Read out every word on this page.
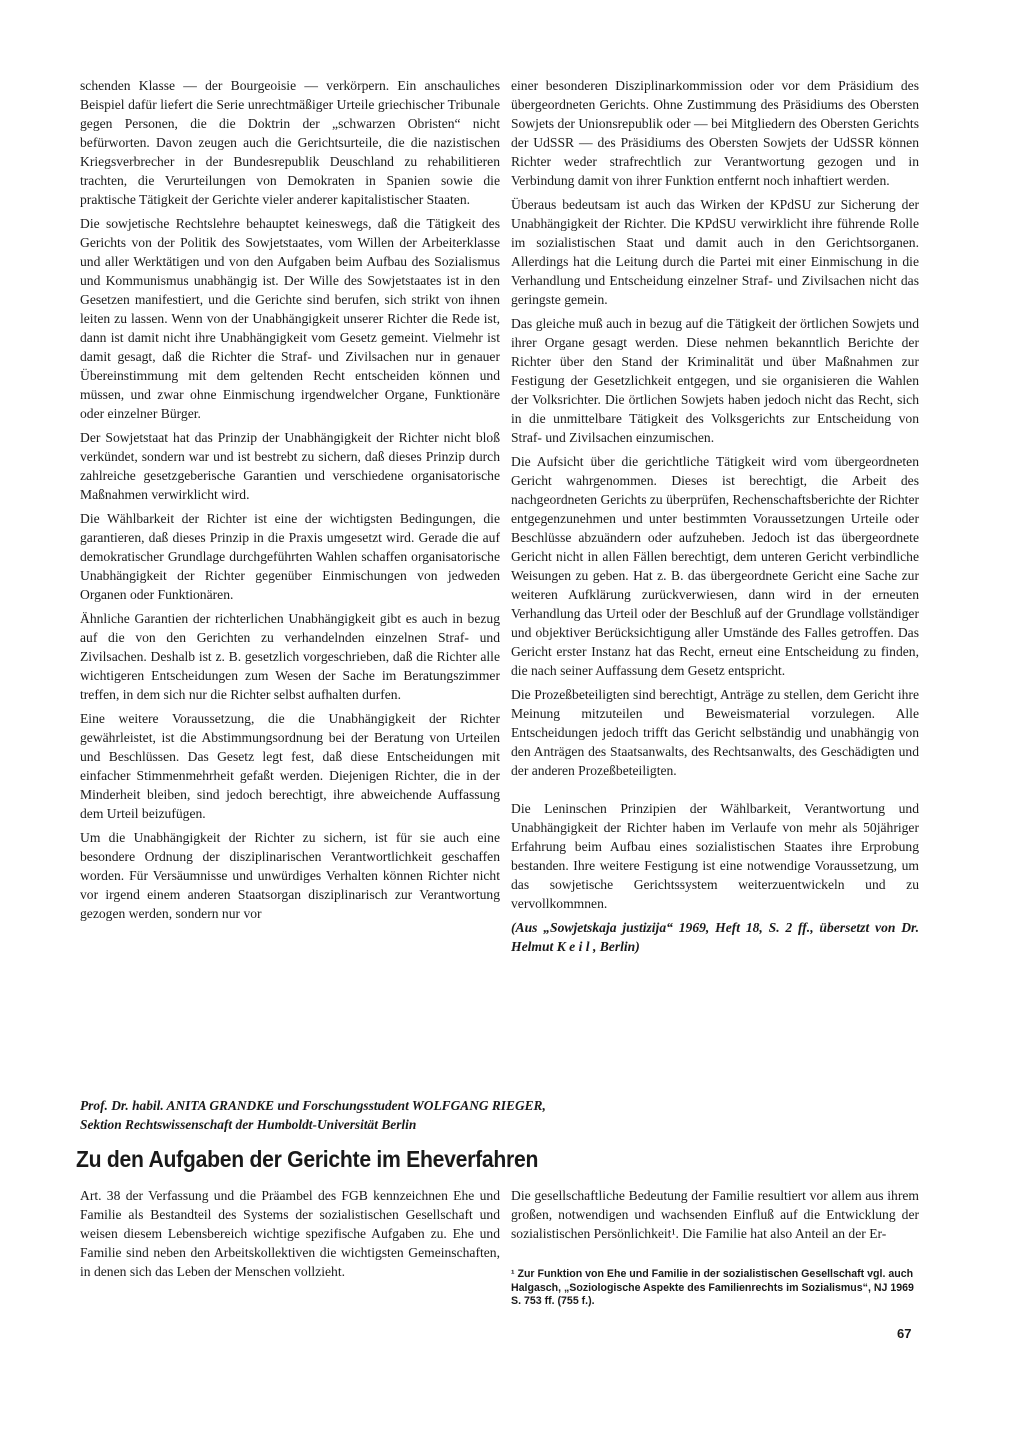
schenden Klasse — der Bourgeoisie — verkörpern. Ein anschauliches Beispiel dafür liefert die Serie unrechtmäßiger Urteile griechischer Tribunale gegen Personen, die die Doktrin der „schwarzen Obristen“ nicht befürworten. Davon zeugen auch die Gerichtsurteile, die die nazistischen Kriegsverbrecher in der Bundesrepublik Deuschland zu rehabilitieren trachten, die Verurteilungen von Demokraten in Spanien sowie die praktische Tätigkeit der Gerichte vieler anderer kapitalistischer Staaten.

Die sowjetische Rechtslehre behauptet keineswegs, daß die Tätigkeit des Gerichts von der Politik des Sowjetstaates, vom Willen der Arbeiterklasse und aller Werktätigen und von den Aufgaben beim Aufbau des Sozialismus und Kommunismus unabhängig ist. Der Wille des Sowjetstaates ist in den Gesetzen manifestiert, und die Gerichte sind berufen, sich strikt von ihnen leiten zu lassen. Wenn von der Unabhängigkeit unserer Richter die Rede ist, dann ist damit nicht ihre Unabhängigkeit vom Gesetz gemeint. Vielmehr ist damit gesagt, daß die Richter die Straf- und Zivilsachen nur in genauer Übereinstimmung mit dem geltenden Recht entscheiden können und müssen, und zwar ohne Einmischung irgendwelcher Organe, Funktionäre oder einzelner Bürger.

Der Sowjetstaat hat das Prinzip der Unabhängigkeit der Richter nicht bloß verkündet, sondern war und ist bestrebt zu sichern, daß dieses Prinzip durch zahlreiche gesetzgeberische Garantien und verschiedene organisatorische Maßnahmen verwirklicht wird.

Die Wählbarkeit der Richter ist eine der wichtigsten Bedingungen, die garantieren, daß dieses Prinzip in die Praxis umgesetzt wird. Gerade die auf demokratischer Grundlage durchgeführten Wahlen schaffen organisatorische Unabhängigkeit der Richter gegenüber Einmischungen von jedweden Organen oder Funktionären.

Ähnliche Garantien der richterlichen Unabhängigkeit gibt es auch in bezug auf die von den Gerichten zu verhandelnden einzelnen Straf- und Zivilsachen. Deshalb ist z. B. gesetzlich vorgeschrieben, daß die Richter alle wichtigeren Entscheidungen zum Wesen der Sache im Beratungszimmer treffen, in dem sich nur die Richter selbst aufhalten durfen.

Eine weitere Voraussetzung, die die Unabhängigkeit der Richter gewährleistet, ist die Abstimmungsordnung bei der Beratung von Urteilen und Beschlüssen. Das Gesetz legt fest, daß diese Entscheidungen mit einfacher Stimmenmehrheit gefaßt werden. Diejenigen Richter, die in der Minderheit bleiben, sind jedoch berechtigt, ihre abweichende Auffassung dem Urteil beizufügen.

Um die Unabhängigkeit der Richter zu sichern, ist für sie auch eine besondere Ordnung der disziplinarischen Verantwortlichkeit geschaffen worden. Für Versäumnisse und unwürdiges Verhalten können Richter nicht vor irgend einem anderen Staatsorgan disziplinarisch zur Verantwortung gezogen werden, sondern nur vor

einer besonderen Disziplinarkommission oder vor dem Präsidium des übergeordneten Gerichts. Ohne Zustimmung des Präsidiums des Obersten Sowjets der Unionsrepublik oder — bei Mitgliedern des Obersten Gerichts der UdSSR — des Präsidiums des Obersten Sowjets der UdSSR können Richter weder strafrechtlich zur Verantwortung gezogen und in Verbindung damit von ihrer Funktion entfernt noch inhaftiert werden.

Überaus bedeutsam ist auch das Wirken der KPdSU zur Sicherung der Unabhängigkeit der Richter. Die KPdSU verwirklicht ihre führende Rolle im sozialistischen Staat und damit auch in den Gerichtsorganen. Allerdings hat die Leitung durch die Partei mit einer Einmischung in die Verhandlung und Entscheidung einzelner Straf- und Zivilsachen nicht das geringste gemein.

Das gleiche muß auch in bezug auf die Tätigkeit der örtlichen Sowjets und ihrer Organe gesagt werden. Diese nehmen bekanntlich Berichte der Richter über den Stand der Kriminalität und über Maßnahmen zur Festigung der Gesetzlichkeit entgegen, und sie organisieren die Wahlen der Volksrichter. Die örtlichen Sowjets haben jedoch nicht das Recht, sich in die unmittelbare Tätigkeit des Volksgerichts zur Entscheidung von Straf- und Zivilsachen einzumischen.

Die Aufsicht über die gerichtliche Tätigkeit wird vom übergeordneten Gericht wahrgenommen. Dieses ist berechtigt, die Arbeit des nachgeordneten Gerichts zu überprüfen, Rechenschaftsberichte der Richter entgegenzunehmen und unter bestimmten Voraussetzungen Urteile oder Beschlüsse abzuändern oder aufzuheben. Jedoch ist das übergeordnete Gericht nicht in allen Fällen berechtigt, dem unteren Gericht verbindliche Weisungen zu geben. Hat z. B. das übergeordnete Gericht eine Sache zur weiteren Aufklärung zurückverwiesen, dann wird in der erneuten Verhandlung das Urteil oder der Beschluß auf der Grundlage vollständiger und objektiver Berücksichtigung aller Umstände des Falles getroffen. Das Gericht erster Instanz hat das Recht, erneut eine Entscheidung zu finden, die nach seiner Auffassung dem Gesetz entspricht.

Die Prozeßbeteiligten sind berechtigt, Anträge zu stellen, dem Gericht ihre Meinung mitzuteilen und Beweismaterial vorzulegen. Alle Entscheidungen jedoch trifft das Gericht selbständig und unabhängig von den Anträgen des Staatsanwalts, des Rechtsanwalts, des Geschädigten und der anderen Prozeßbeteiligten.

Die Leninschen Prinzipien der Wählbarkeit, Verantwortung und Unabhängigkeit der Richter haben im Verlaufe von mehr als 50jähriger Erfahrung beim Aufbau eines sozialistischen Staates ihre Erprobung bestanden. Ihre weitere Festigung ist eine notwendige Voraussetzung, um das sowjetische Gerichtssystem weiterzuentwickeln und zu vervollkommnen.

(Aus „Sowjetskaja justizija“ 1969, Heft 18, S. 2 ff., übersetzt von Dr. Helmut K e i l , Berlin)

Prof. Dr. habil. ANITA GRANDKE und Forschungsstudent WOLFGANG RIEGER,
Sektion Rechtswissenschaft der Humboldt-Universität Berlin
Zu den Aufgaben der Gerichte im Eheverfahren

Art. 38 der Verfassung und die Präambel des FGB kennzeichnen Ehe und Familie als Bestandteil des Systems der sozialistischen Gesellschaft und weisen diesem Lebensbereich wichtige spezifische Aufgaben zu. Ehe und Familie sind neben den Arbeitskollektiven die wichtigsten Gemeinschaften, in denen sich das Leben der Menschen vollzieht.

Die gesellschaftliche Bedeutung der Familie resultiert vor allem aus ihrem großen, notwendigen und wachsenden Einfluß auf die Entwicklung der sozialistischen Persönlichkeit¹. Die Familie hat also Anteil an der Er-

¹ Zur Funktion von Ehe und Familie in der sozialistischen Gesellschaft vgl. auch Halgasch, „Soziologische Aspekte des Familienrechts im Sozialismus“, NJ 1969 S. 753 ff. (755 f.).
67
